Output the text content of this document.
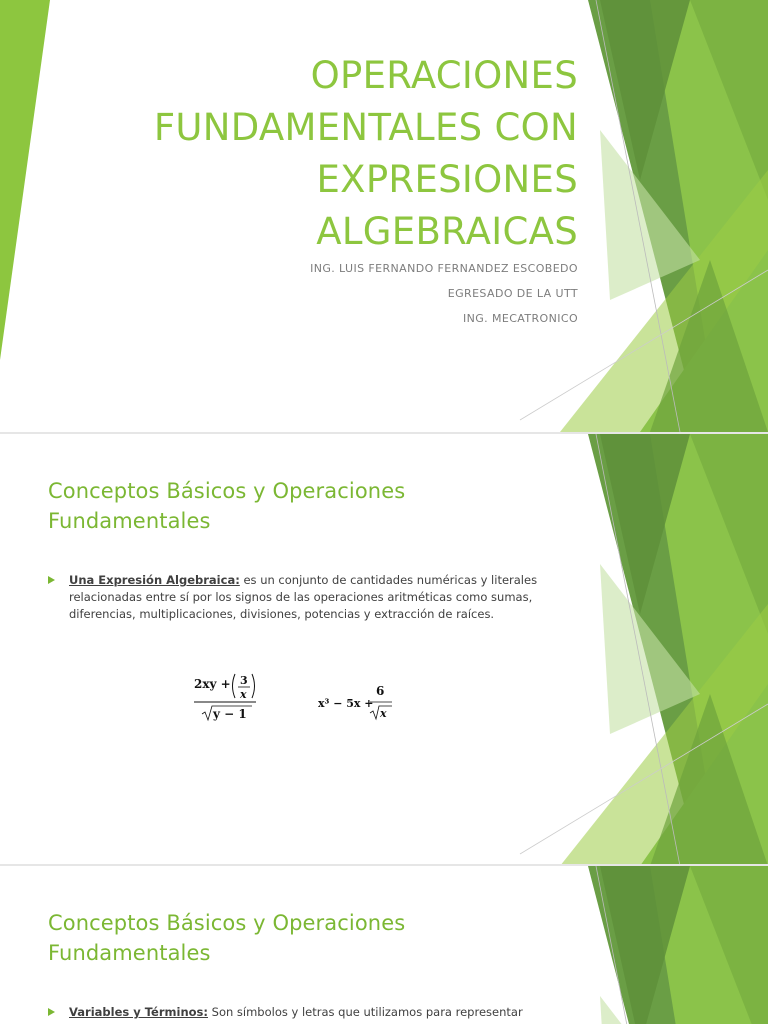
OPERACIONES
FUNDAMENTALES CON
EXPRESIONES
ALGEBRAICAS
ING. LUIS FERNANDO FERNANDEZ ESCOBEDO
EGRESADO DE LA UTT
ING. MECATRONICO
Conceptos Básicos y Operaciones
Fundamentales
Una Expresión Algebraica: es un conjunto de cantidades numéricas y literales relacionadas entre sí por los signos de las operaciones aritméticas como sumas, diferencias, multiplicaciones, divisiones, potencias y extracción de raíces.
2xy + 3
x
y − 1
x³ − 5x +
6
x
Conceptos Básicos y Operaciones
Fundamentales
Variables y Términos: Son símbolos y letras que utilizamos para representar
